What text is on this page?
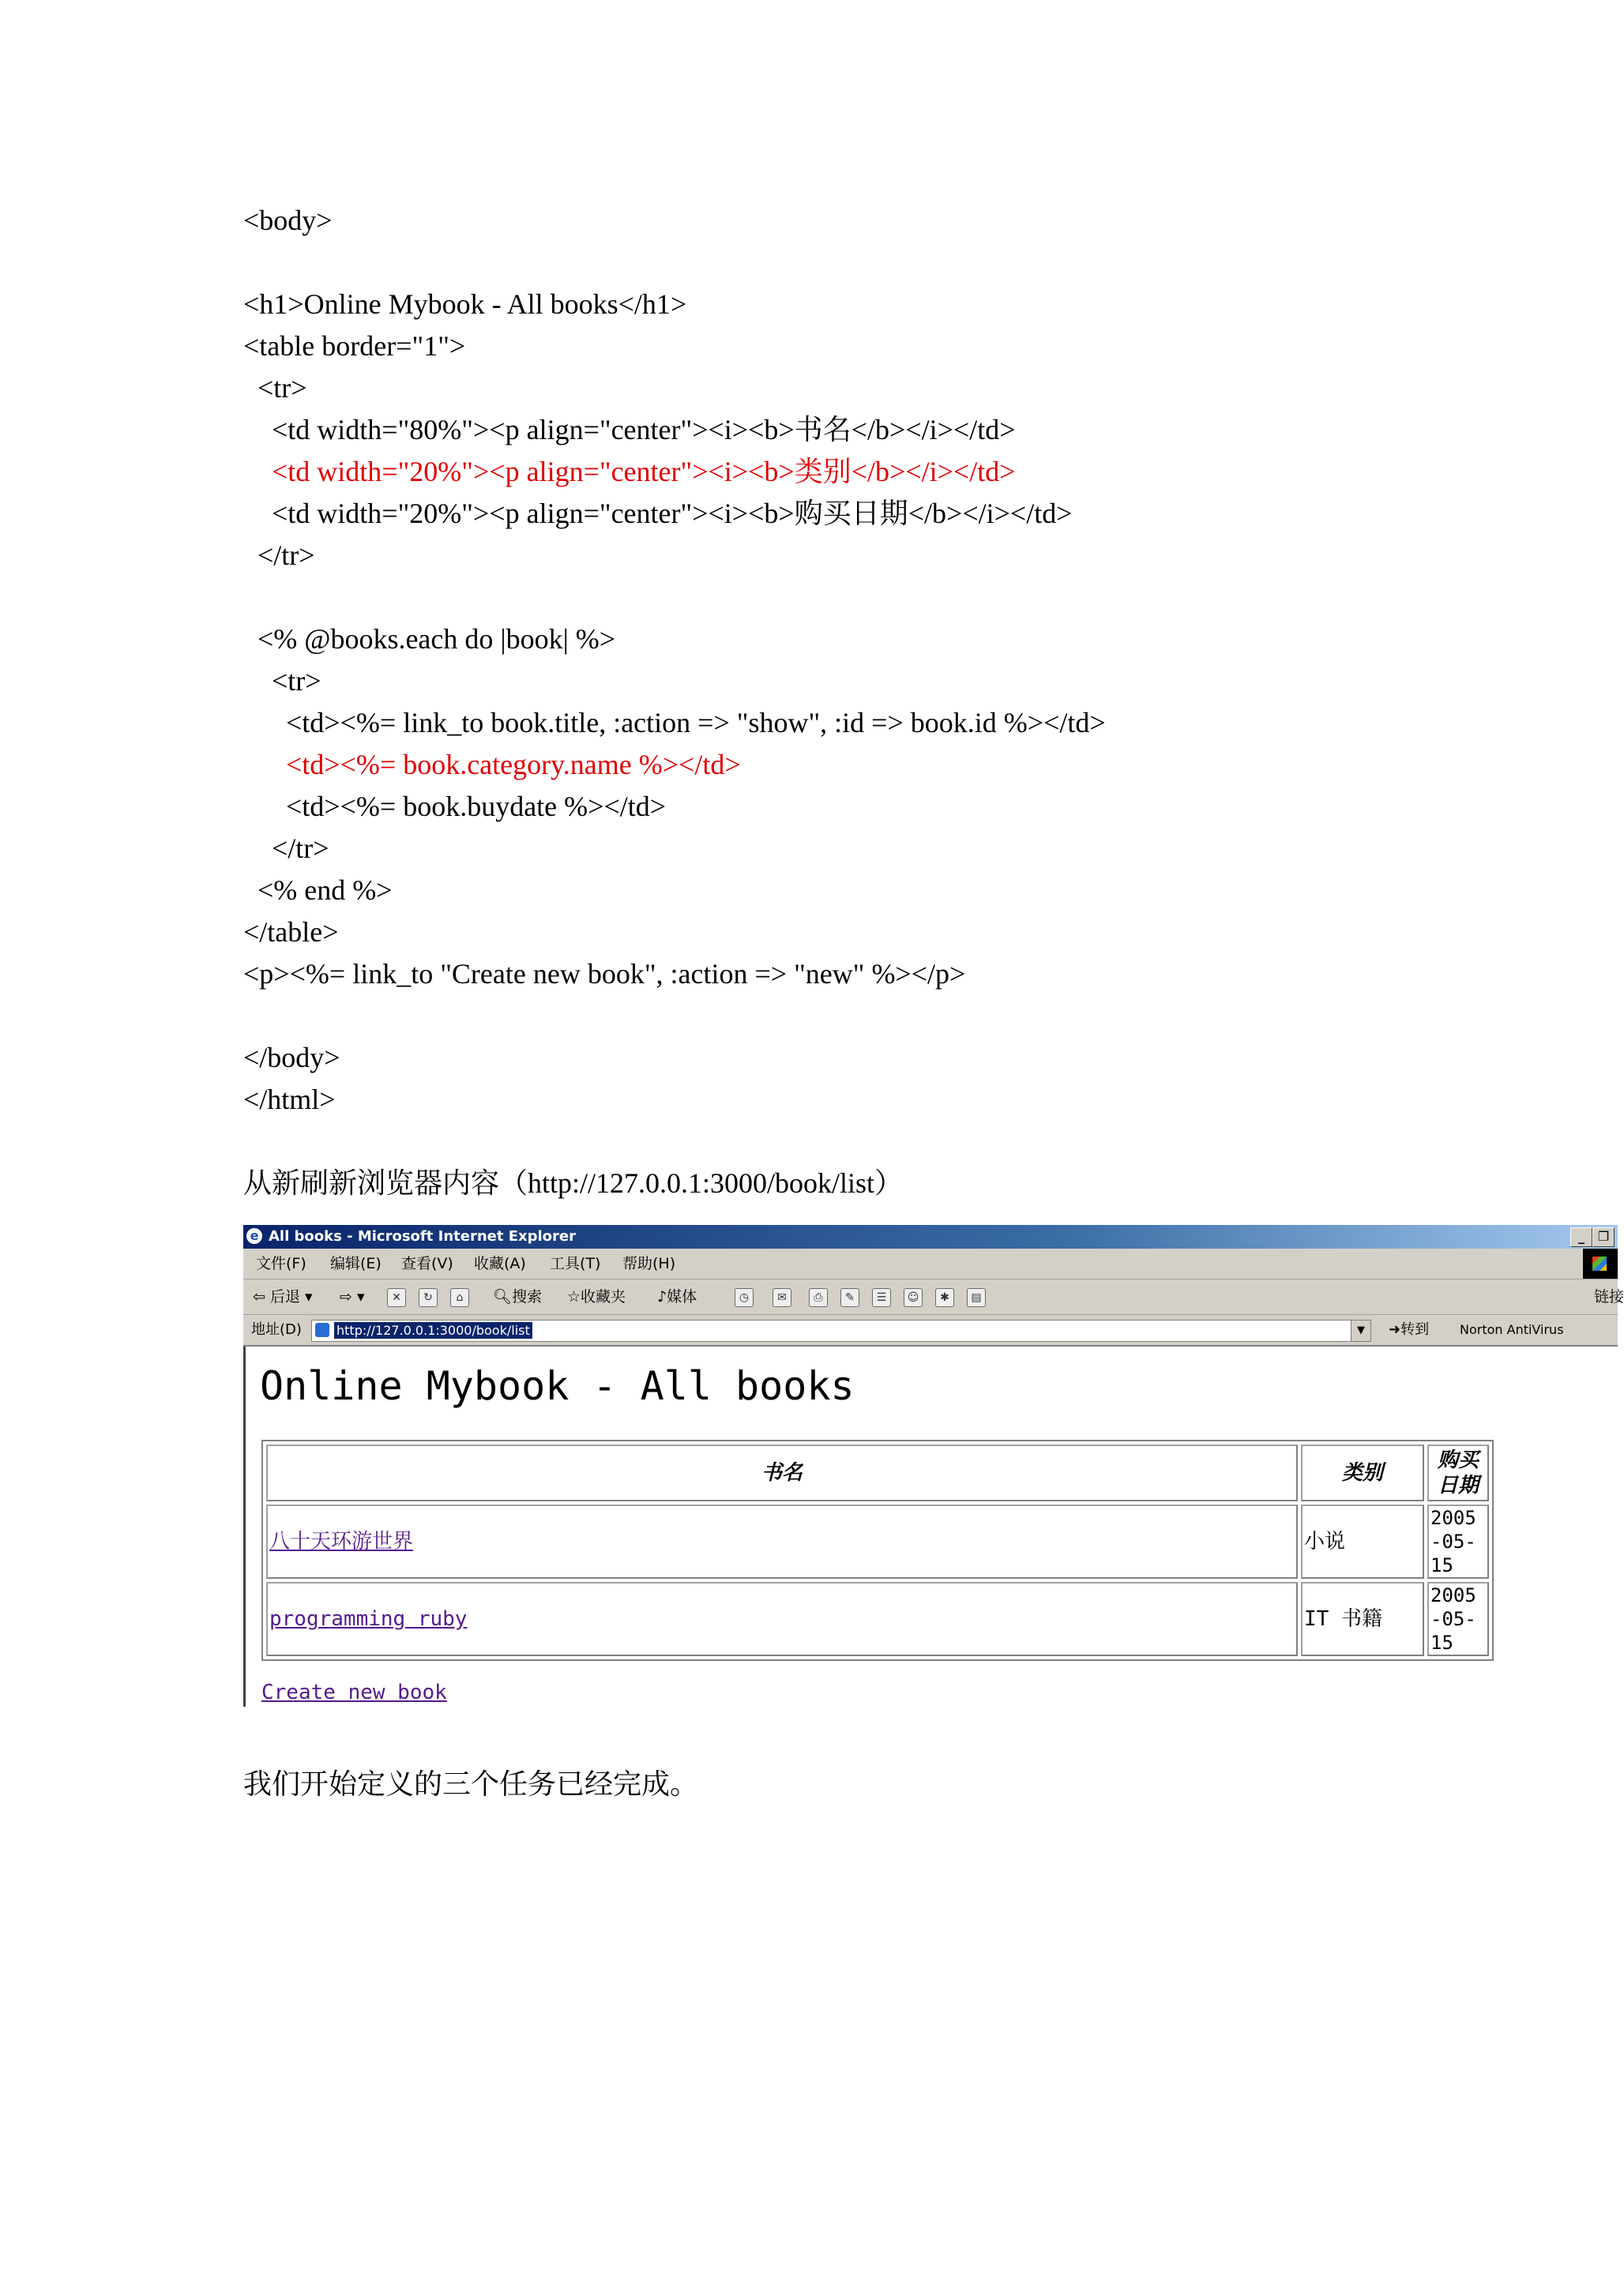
<body>
<h1>Online Mybook - All books</h1>
<table border="1">
<tr>
<td width="80%"><p align="center"><i><b>书名</b></i></td>
<td width="20%"><p align="center"><i><b>类别</b></i></td>
<td width="20%"><p align="center"><i><b>购买日期</b></i></td>
</tr>
<% @books.each do |book| %>
<tr>
<td><%= link_to book.title, :action => "show", :id => book.id %></td>
<td><%= book.category.name %></td>
<td><%= book.buydate %></td>
</tr>
<% end %>
</table>
<p><%= link_to "Create new book", :action => "new" %></p>
</body>
</html>
从新刷新浏览器内容（http://127.0.0.1:3000/book/list）
e All books - Microsoft Internet Explorer	_	❐
文件(F) 编辑(E) 查看(V) 收藏(A) 工具(T) 帮助(H)
⇦ 后退 ▾ ⇨ ▾	✕	↻	⌂	🔍︎搜索 ☆收藏夹 ♪媒体	◷	✉	⎙	✎	☰	☺	✱	▤	链接
地址(D)	http://127.0.0.1:3000/book/list	▼	➜转到 Norton AntiVirus
Online Mybook - All books
书名	类别	购买日期
八十天环游世界	小说	2005-05-15
programming ruby	IT 书籍	2005-05-15
Create new book
我们开始定义的三个任务已经完成。
